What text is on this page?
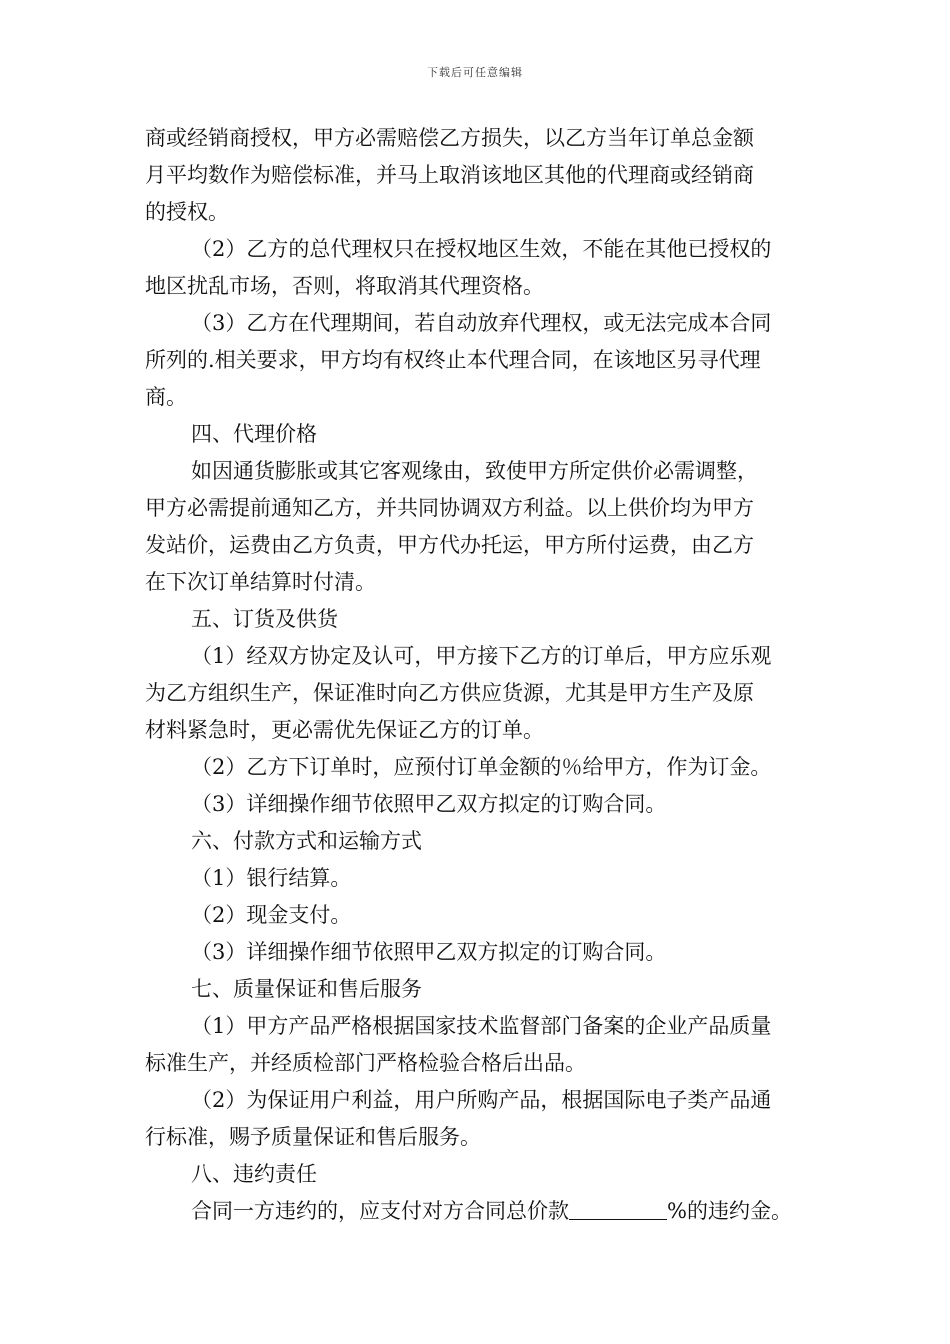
下载后可任意编辑

商或经销商授权，甲方必需赔偿乙方损失，以乙方当年订单总金额

月平均数作为赔偿标准，并马上取消该地区其他的代理商或经销商

的授权。

（2）乙方的总代理权只在授权地区生效，不能在其他已授权的

地区扰乱市场，否则，将取消其代理资格。

（3）乙方在代理期间，若自动放弃代理权，或无法完成本合同

所列的.相关要求，甲方均有权终止本代理合同，在该地区另寻代理

商。

四、代理价格

如因通货膨胀或其它客观缘由，致使甲方所定供价必需调整，

甲方必需提前通知乙方，并共同协调双方利益。以上供价均为甲方

发站价，运费由乙方负责，甲方代办托运，甲方所付运费，由乙方

在下次订单结算时付清。

五、订货及供货

（1）经双方协定及认可，甲方接下乙方的订单后，甲方应乐观

为乙方组织生产，保证准时向乙方供应货源，尤其是甲方生产及原

材料紧急时，更必需优先保证乙方的订单。

（2）乙方下订单时，应预付订单金额的％给甲方，作为订金。

（3）详细操作细节依照甲乙双方拟定的订购合同。

六、付款方式和运输方式

（1）银行结算。

（2）现金支付。

（3）详细操作细节依照甲乙双方拟定的订购合同。

七、质量保证和售后服务

（1）甲方产品严格根据国家技术监督部门备案的企业产品质量

标准生产，并经质检部门严格检验合格后出品。

（2）为保证用户利益，用户所购产品，根据国际电子类产品通

行标准，赐予质量保证和售后服务。

八、违约责任

合同一方违约的，应支付对方合同总价款	%的违约金。
